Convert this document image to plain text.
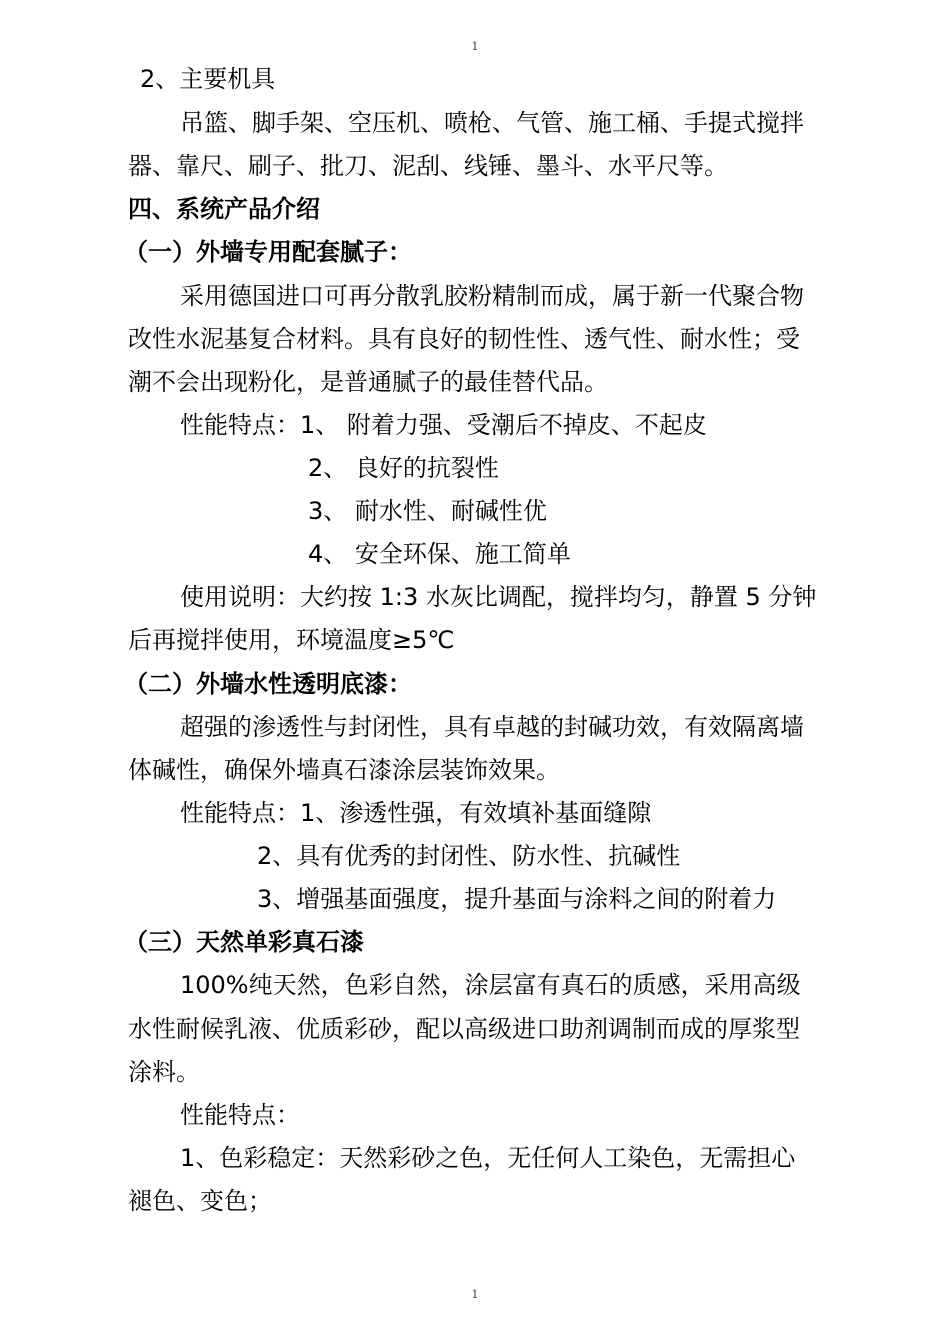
1
2、主要机具
吊篮、脚手架、空压机、喷枪、气管、施工桶、手提式搅拌
器、靠尺、刷子、批刀、泥刮、线锤、墨斗、水平尺等。
四、系统产品介绍
（一）外墙专用配套腻子：
采用德国进口可再分散乳胶粉精制而成，属于新一代聚合物
改性水泥基复合材料。具有良好的韧性性、透气性、耐水性；受
潮不会出现粉化，是普通腻子的最佳替代品。
性能特点：1、 附着力强、受潮后不掉皮、不起皮
2、 良好的抗裂性
3、 耐水性、耐碱性优
4、 安全环保、施工简单
使用说明：大约按 1:3 水灰比调配，搅拌均匀，静置 5 分钟
后再搅拌使用，环境温度≥5℃
（二）外墙水性透明底漆：
超强的渗透性与封闭性，具有卓越的封碱功效，有效隔离墙
体碱性，确保外墙真石漆涂层装饰效果。
性能特点：1、渗透性强，有效填补基面缝隙
2、具有优秀的封闭性、防水性、抗碱性
3、增强基面强度，提升基面与涂料之间的附着力
（三）天然单彩真石漆
100%纯天然，色彩自然，涂层富有真石的质感，采用高级
水性耐候乳液、优质彩砂，配以高级进口助剂调制而成的厚浆型
涂料。
性能特点：
1、色彩稳定：天然彩砂之色，无任何人工染色，无需担心
褪色、变色；
1
